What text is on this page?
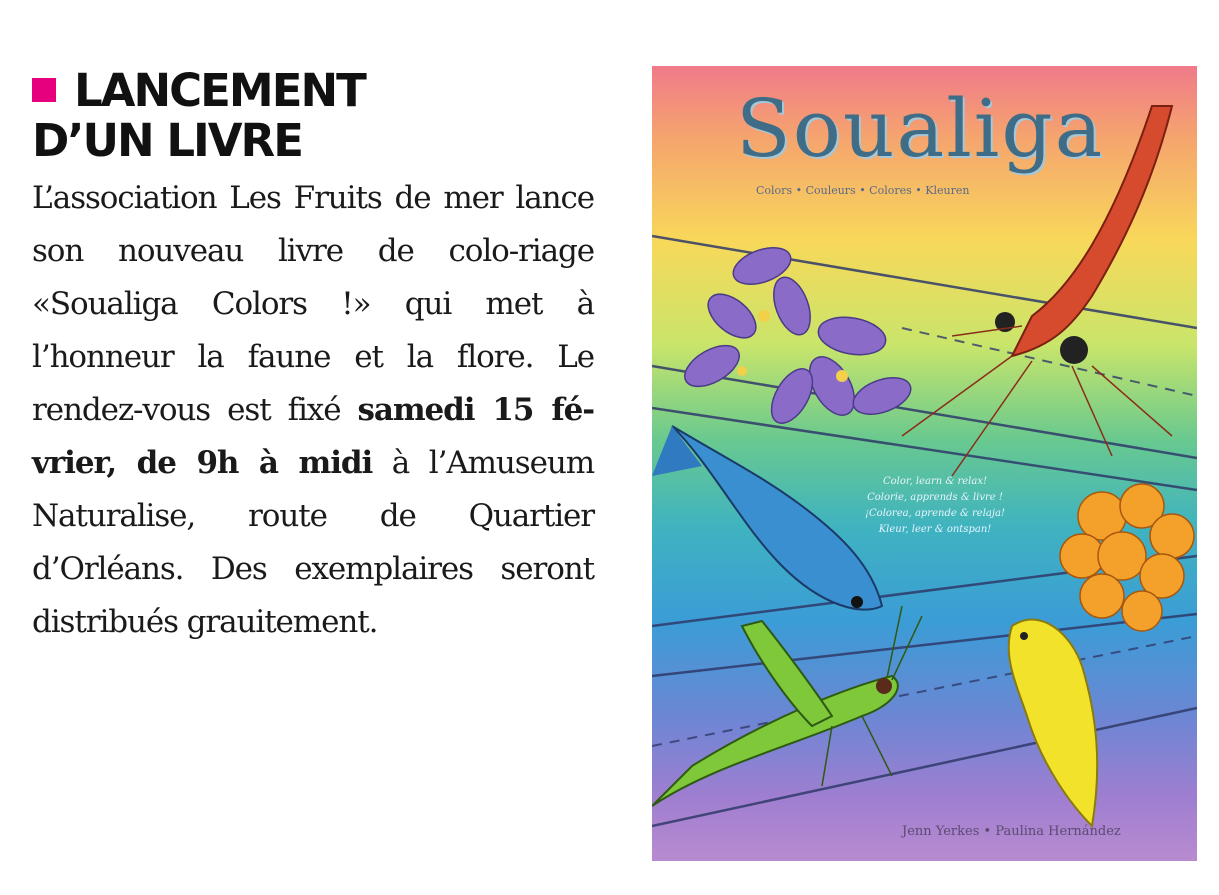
LANCEMENT
D’UN LIVRE
L’association Les Fruits de mer lance son nouveau livre de colo-riage «Soualiga Colors !» qui met à l’honneur la faune et la flore. Le rendez-vous est fixé samedi 15 fé-vrier, de 9h à midi à l’Amuseum Naturalise, route de Quartier d’Orléans. Des exemplaires seront distribués grauitement.
Soualiga
Colors • Couleurs • Colores • Kleuren
Color, learn & relax!
Colorie, apprends & livre !
¡Colorea, aprende & relaja!
Kleur, leer & ontspan!
Jenn Yerkes • Paulina Hernández
